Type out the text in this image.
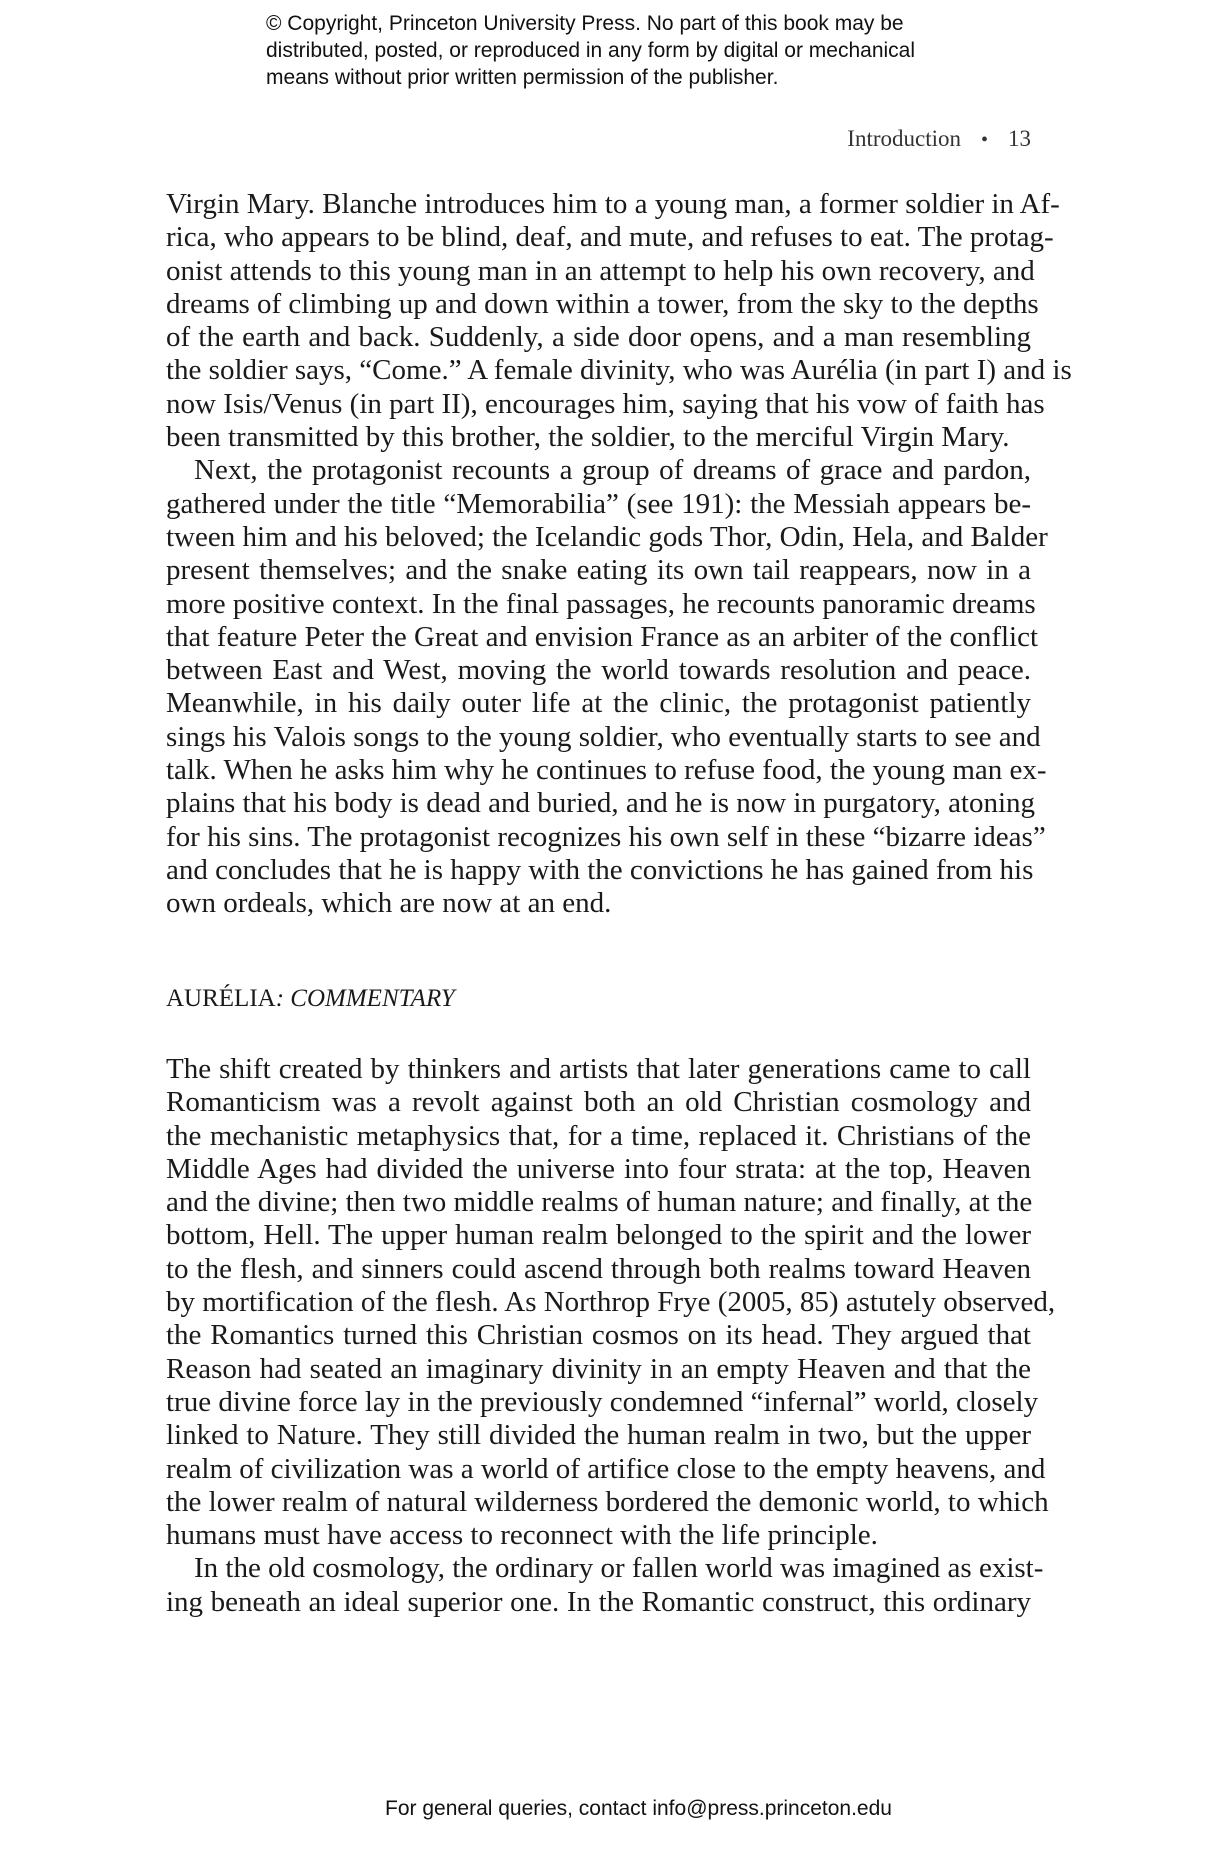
© Copyright, Princeton University Press. No part of this book may be
distributed, posted, or reproduced in any form by digital or mechanical
means without prior written permission of the publisher.
Introduction • 13
Virgin Mary. Blanche introduces him to a young man, a former soldier in Af-
rica, who appears to be blind, deaf, and mute, and refuses to eat. The protag-
onist attends to this young man in an attempt to help his own recovery, and
dreams of climbing up and down within a tower, from the sky to the depths
of the earth and back. Suddenly, a side door opens, and a man resembling
the soldier says, “Come.” A female divinity, who was Aurélia (in part I) and is
now Isis/Venus (in part II), encourages him, saying that his vow of faith has
been transmitted by this brother, the soldier, to the merciful Virgin Mary.
Next, the protagonist recounts a group of dreams of grace and pardon,
gathered under the title “Memorabilia” (see 191): the Messiah appears be-
tween him and his beloved; the Icelandic gods Thor, Odin, Hela, and Balder
present themselves; and the snake eating its own tail reappears, now in a
more positive context. In the final passages, he recounts panoramic dreams
that feature Peter the Great and envision France as an arbiter of the conflict
between East and West, moving the world towards resolution and peace.
Meanwhile, in his daily outer life at the clinic, the protagonist patiently
sings his Valois songs to the young soldier, who eventually starts to see and
talk. When he asks him why he continues to refuse food, the young man ex-
plains that his body is dead and buried, and he is now in purgatory, atoning
for his sins. The protagonist recognizes his own self in these “bizarre ideas”
and concludes that he is happy with the convictions he has gained from his
own ordeals, which are now at an end.
AURÉLIA: COMMENTARY
The shift created by thinkers and artists that later generations came to call
Romanticism was a revolt against both an old Christian cosmology and
the mechanistic metaphysics that, for a time, replaced it. Christians of the
Middle Ages had divided the universe into four strata: at the top, Heaven
and the divine; then two middle realms of human nature; and finally, at the
bottom, Hell. The upper human realm belonged to the spirit and the lower
to the flesh, and sinners could ascend through both realms toward Heaven
by mortification of the flesh. As Northrop Frye (2005, 85) astutely observed,
the Romantics turned this Christian cosmos on its head. They argued that
Reason had seated an imaginary divinity in an empty Heaven and that the
true divine force lay in the previously condemned “infernal” world, closely
linked to Nature. They still divided the human realm in two, but the upper
realm of civilization was a world of artifice close to the empty heavens, and
the lower realm of natural wilderness bordered the demonic world, to which
humans must have access to reconnect with the life principle.
In the old cosmology, the ordinary or fallen world was imagined as exist-
ing beneath an ideal superior one. In the Romantic construct, this ordinary
For general queries, contact info@press.princeton.edu
